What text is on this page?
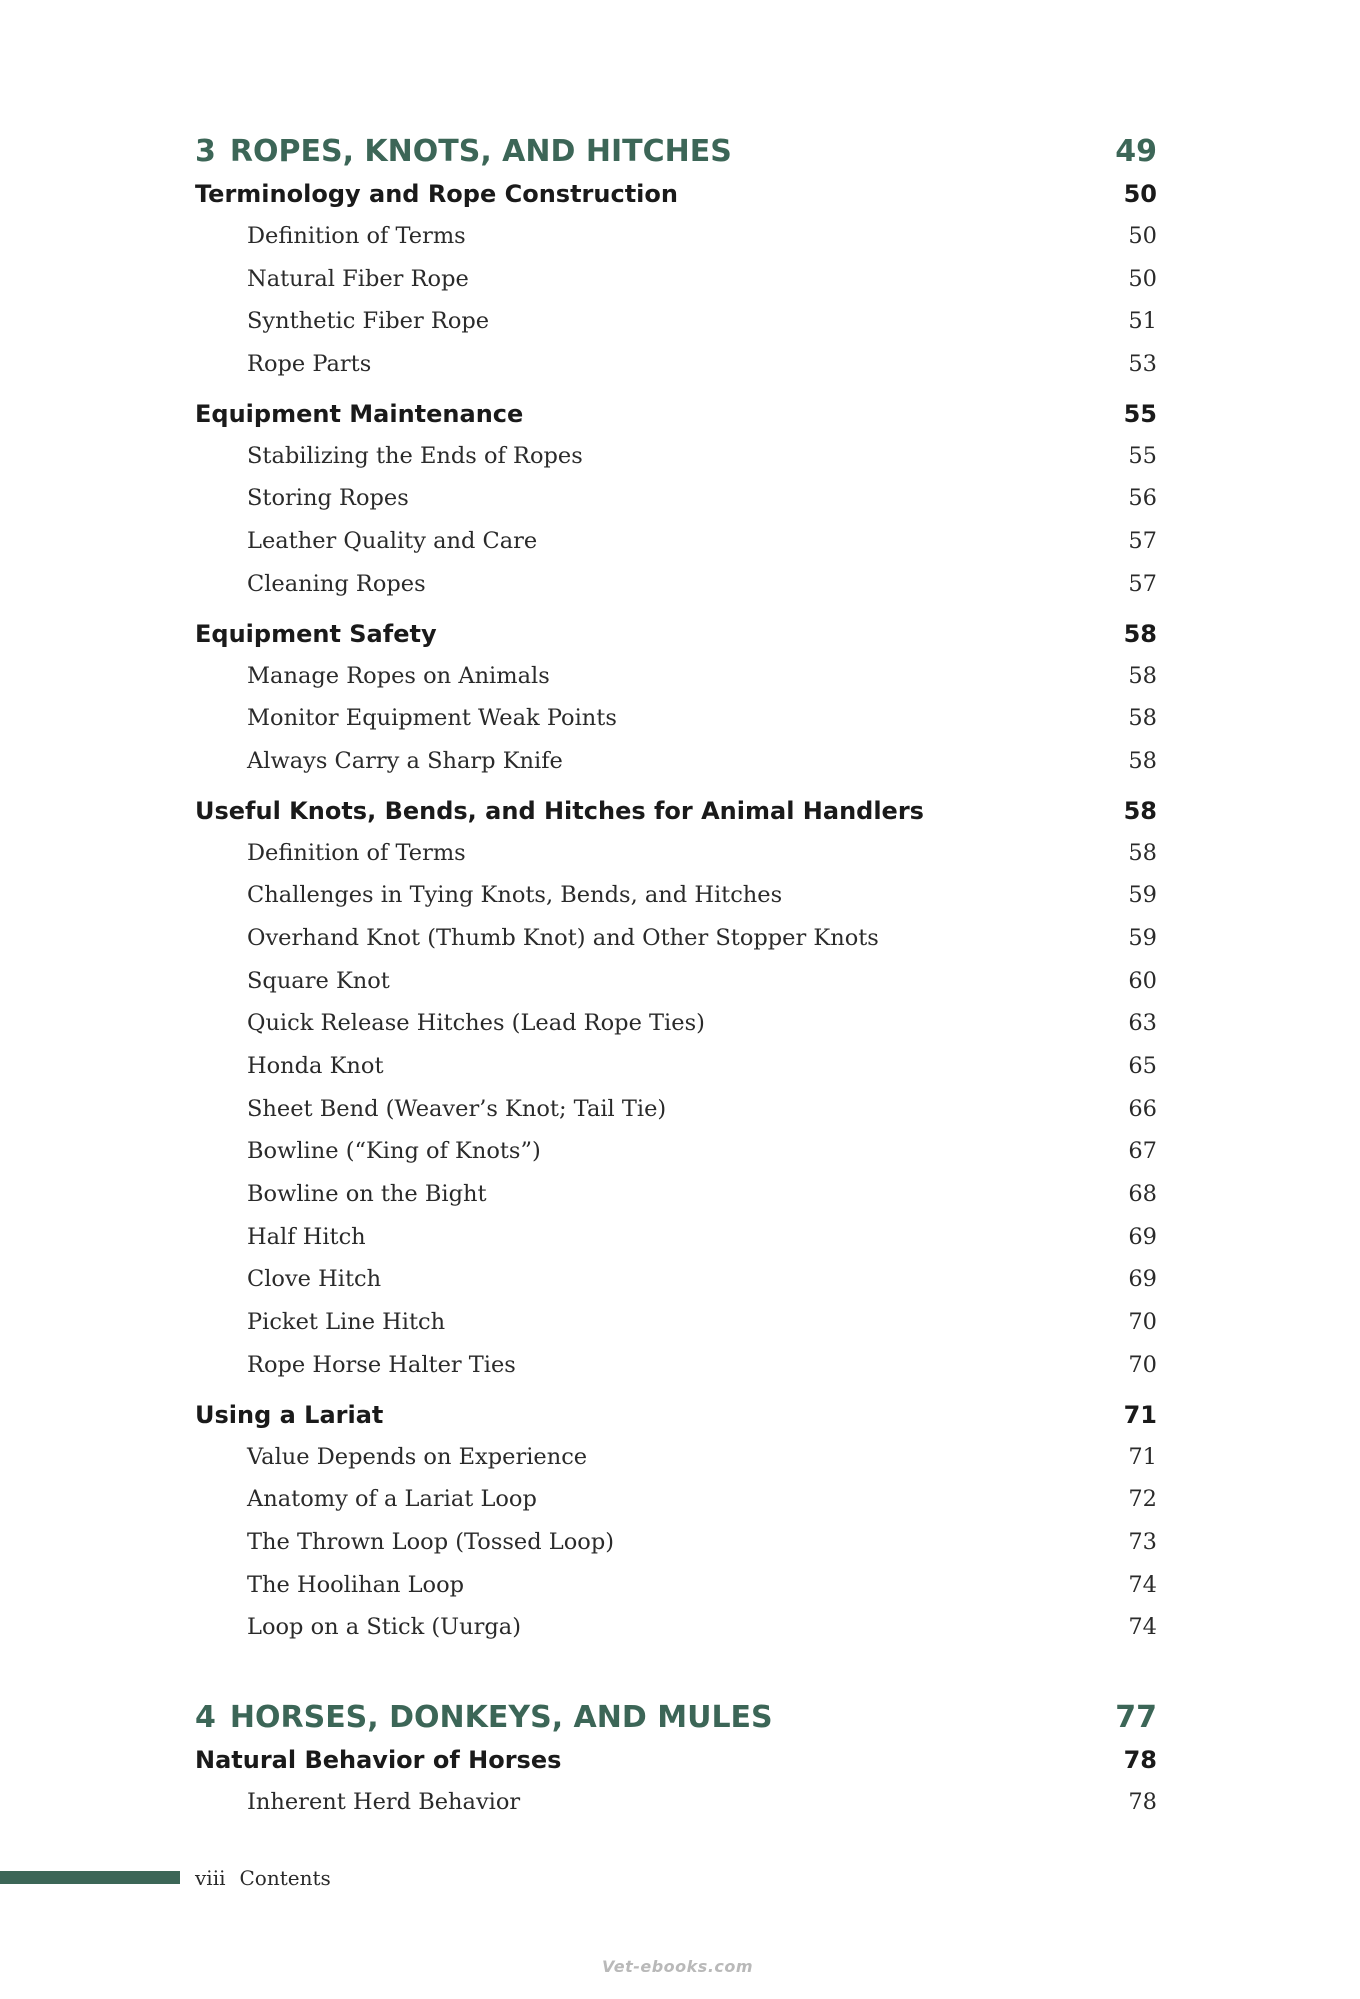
3 ROPES, KNOTS, AND HITCHES	49
Terminology and Rope Construction	50
Definition of Terms	50
Natural Fiber Rope	50
Synthetic Fiber Rope	51
Rope Parts	53
Equipment Maintenance	55
Stabilizing the Ends of Ropes	55
Storing Ropes	56
Leather Quality and Care	57
Cleaning Ropes	57
Equipment Safety	58
Manage Ropes on Animals	58
Monitor Equipment Weak Points	58
Always Carry a Sharp Knife	58
Useful Knots, Bends, and Hitches for Animal Handlers	58
Definition of Terms	58
Challenges in Tying Knots, Bends, and Hitches	59
Overhand Knot (Thumb Knot) and Other Stopper Knots	59
Square Knot	60
Quick Release Hitches (Lead Rope Ties)	63
Honda Knot	65
Sheet Bend (Weaver’s Knot; Tail Tie)	66
Bowline (“King of Knots”)	67
Bowline on the Bight	68
Half Hitch	69
Clove Hitch	69
Picket Line Hitch	70
Rope Horse Halter Ties	70
Using a Lariat	71
Value Depends on Experience	71
Anatomy of a Lariat Loop	72
The Thrown Loop (Tossed Loop)	73
The Hoolihan Loop	74
Loop on a Stick (Uurga)	74
4 HORSES, DONKEYS, AND MULES	77
Natural Behavior of Horses	78
Inherent Herd Behavior	78
viii Contents
Vet-ebooks.com
